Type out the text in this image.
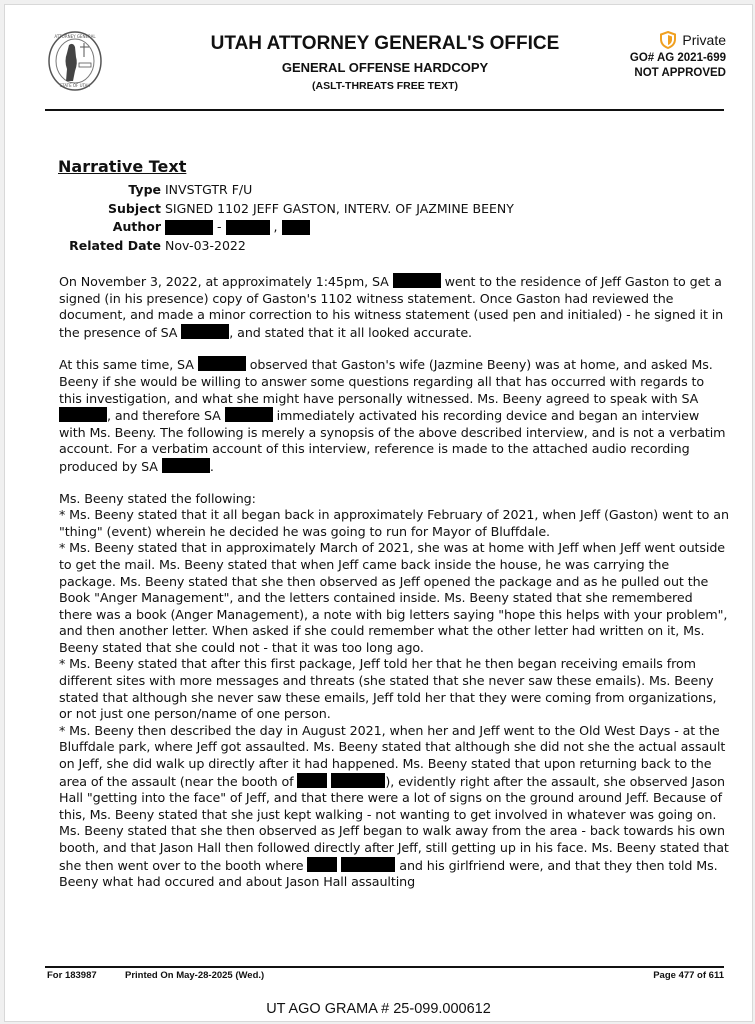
ATTORNEY GENERAL
STATE OF UTAH
UTAH ATTORNEY GENERAL'S OFFICE
GENERAL OFFENSE HARDCOPY
(ASLT-THREATS FREE TEXT)
Private
GO# AG 2021-699
NOT APPROVED
Narrative Text
Type INVSTGTR F/U
Subject SIGNED 1102 JEFF GASTON, INTERV. OF JAZMINE BEENY
Author	-	,
Related Date Nov-03-2022

On November 3, 2022, at approximately 1:45pm, SA	went to the residence of Jeff Gaston to get a signed (in his presence) copy of Gaston's 1102 witness statement. Once Gaston had reviewed the document, and made a minor correction to his witness statement (used pen and initialed) - he signed it in the presence of SA	, and stated that it all looked accurate.

At this same time, SA	observed that Gaston's wife (Jazmine Beeny) was at home, and asked Ms. Beeny if she would be willing to answer some questions regarding all that has occurred with regards to this investigation, and what she might have personally witnessed. Ms. Beeny agreed to speak with SA , and therefore SA	immediately activated his recording device and began an interview with Ms. Beeny. The following is merely a synopsis of the above described interview, and is not a verbatim account. For a verbatim account of this interview, reference is made to the attached audio recording produced by SA	.

Ms. Beeny stated the following:

* Ms. Beeny stated that it all began back in approximately February of 2021, when Jeff (Gaston) went to an "thing" (event) wherein he decided he was going to run for Mayor of Bluffdale.

* Ms. Beeny stated that in approximately March of 2021, she was at home with Jeff when Jeff went outside to get the mail. Ms. Beeny stated that when Jeff came back inside the house, he was carrying the package. Ms. Beeny stated that she then observed as Jeff opened the package and as he pulled out the Book "Anger Management", and the letters contained inside. Ms. Beeny stated that she remembered there was a book (Anger Management), a note with big letters saying "hope this helps with your problem", and then another letter. When asked if she could remember what the other letter had written on it, Ms. Beeny stated that she could not - that it was too long ago.

* Ms. Beeny stated that after this first package, Jeff told her that he then began receiving emails from different sites with more messages and threats (she stated that she never saw these emails). Ms. Beeny stated that although she never saw these emails, Jeff told her that they were coming from organizations, or not just one person/name of one person.

* Ms. Beeny then described the day in August 2021, when her and Jeff went to the Old West Days - at the Bluffdale park, where Jeff got assaulted. Ms. Beeny stated that although she did not she the actual assault on Jeff, she did walk up directly after it had happened. Ms. Beeny stated that upon returning back to the area of the assault (near the booth of	), evidently right after the assault, she observed Jason Hall "getting into the face" of Jeff, and that there were a lot of signs on the ground around Jeff. Because of this, Ms. Beeny stated that she just kept walking - not wanting to get involved in whatever was going on. Ms. Beeny stated that she then observed as Jeff began to walk away from the area - back towards his own booth, and that Jason Hall then followed directly after Jeff, still getting up in his face. Ms. Beeny stated that she then went over to the booth where	and his girlfriend were, and that they then told Ms. Beeny what had occured and about Jason Hall assaulting

For 183987	Printed On May-28-2025 (Wed.)	Page 477 of 611
UT AGO GRAMA # 25-099.000612
